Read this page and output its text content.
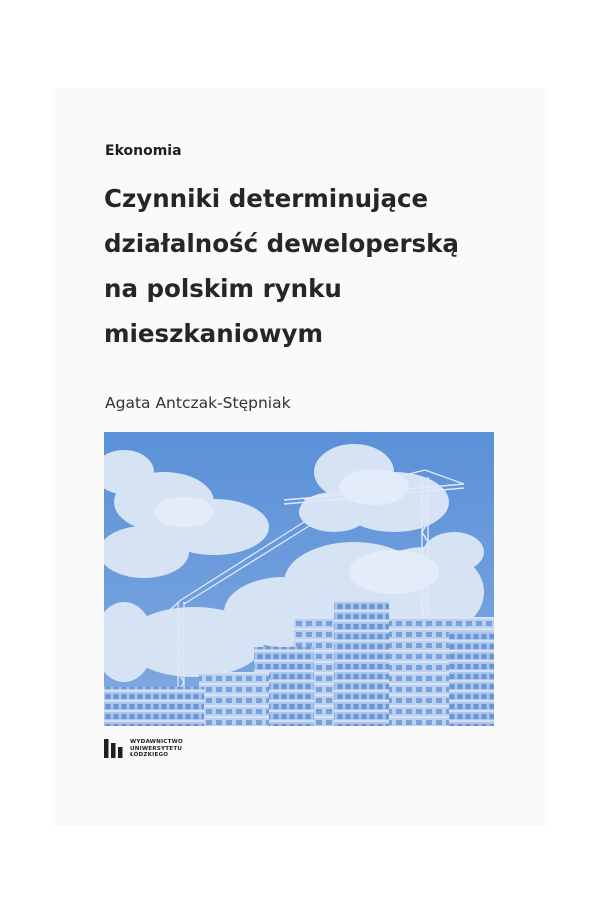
Ekonomia
Czynniki determinujące
działalność deweloperską
na polskim rynku
mieszkaniowym
Agata Antczak-Stępniak
WYDAWNICTWO
UNIWERSYTETU
ŁÓDZKIEGO
